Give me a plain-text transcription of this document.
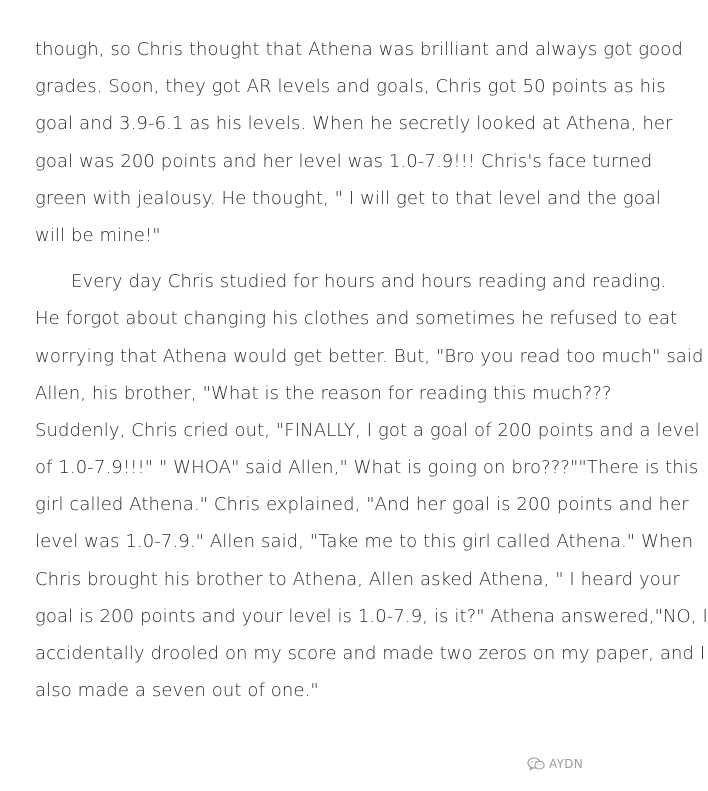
though, so Chris thought that Athena was brilliant and always got good
grades. Soon, they got AR levels and goals, Chris got 50 points as his
goal and 3.9-6.1 as his levels. When he secretly looked at Athena, her
goal was 200 points and her level was 1.0-7.9!!! Chris's face turned
green with jealousy. He thought, " I will get to that level and the goal
will be mine!"
Every day Chris studied for hours and hours reading and reading.
He forgot about changing his clothes and sometimes he refused to eat
worrying that Athena would get better. But, "Bro you read too much" said
Allen, his brother, "What is the reason for reading this much???
Suddenly, Chris cried out, "FINALLY, I got a goal of 200 points and a level
of 1.0-7.9!!!" " WHOA" said Allen," What is going on bro???""There is this
girl called Athena." Chris explained, "And her goal is 200 points and her
level was 1.0-7.9." Allen said, "Take me to this girl called Athena." When
Chris brought his brother to Athena, Allen asked Athena, " I heard your
goal is 200 points and your level is 1.0-7.9, is it?" Athena answered,"NO, I
accidentally drooled on my score and made two zeros on my paper, and I
also made a seven out of one."
AYDN
